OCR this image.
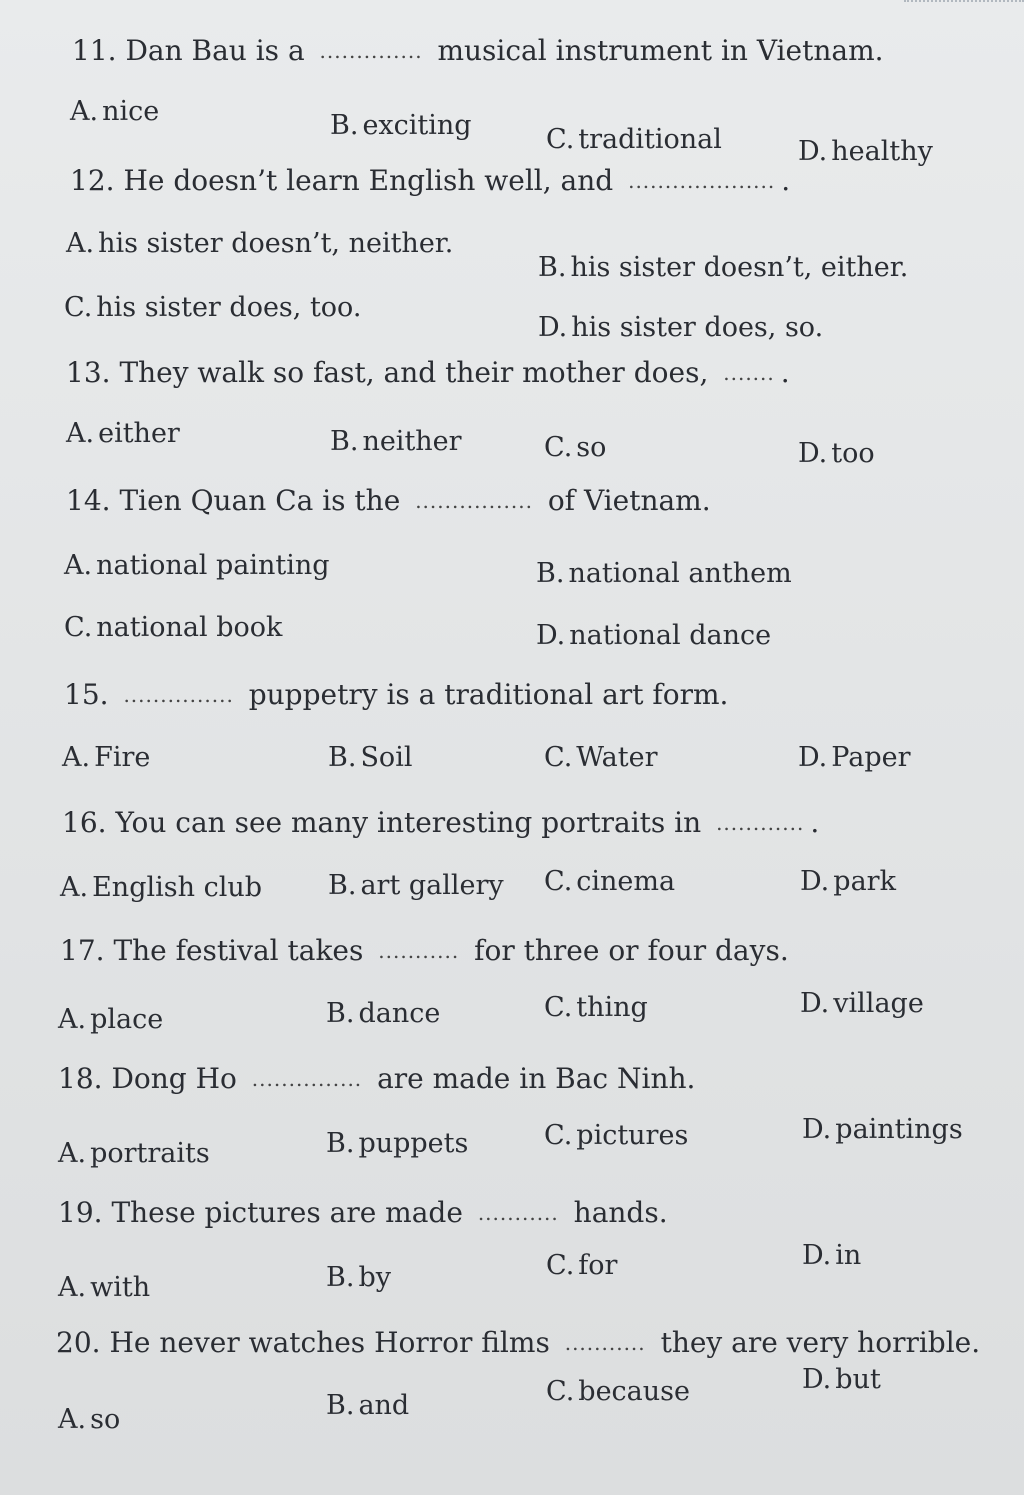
11. Dan Bau is a .............. musical instrument in Vietnam.
A. nice	B. exciting	C. traditional	D. healthy
12. He doesn’t learn English well, and .................... .
A. his sister doesn’t, neither.
B. his sister doesn’t, either.
C. his sister does, too.
D. his sister does, so.
13. They walk so fast, and their mother does, ....... .
A. either	B. neither	C. so	D. too
14. Tien Quan Ca is the ................ of Vietnam.
A. national painting	B. national anthem
C. national book	D. national dance
15. ............... puppetry is a traditional art form.
A. Fire	B. Soil	C. Water	D. Paper
16. You can see many interesting portraits in ............ .
A. English club B. art gallery C. cinema	D. park
17. The festival takes ........... for three or four days.
A. place	B. dance	C. thing	D. village
18. Dong Ho ............... are made in Bac Ninh.
A. portraits	B. puppets	C. pictures	D. paintings
19. These pictures are made ........... hands.
A. with	B. by	C. for	D. in
20. He never watches Horror films ........... they are very horrible.
A. so	B. and	C. because	D. but
